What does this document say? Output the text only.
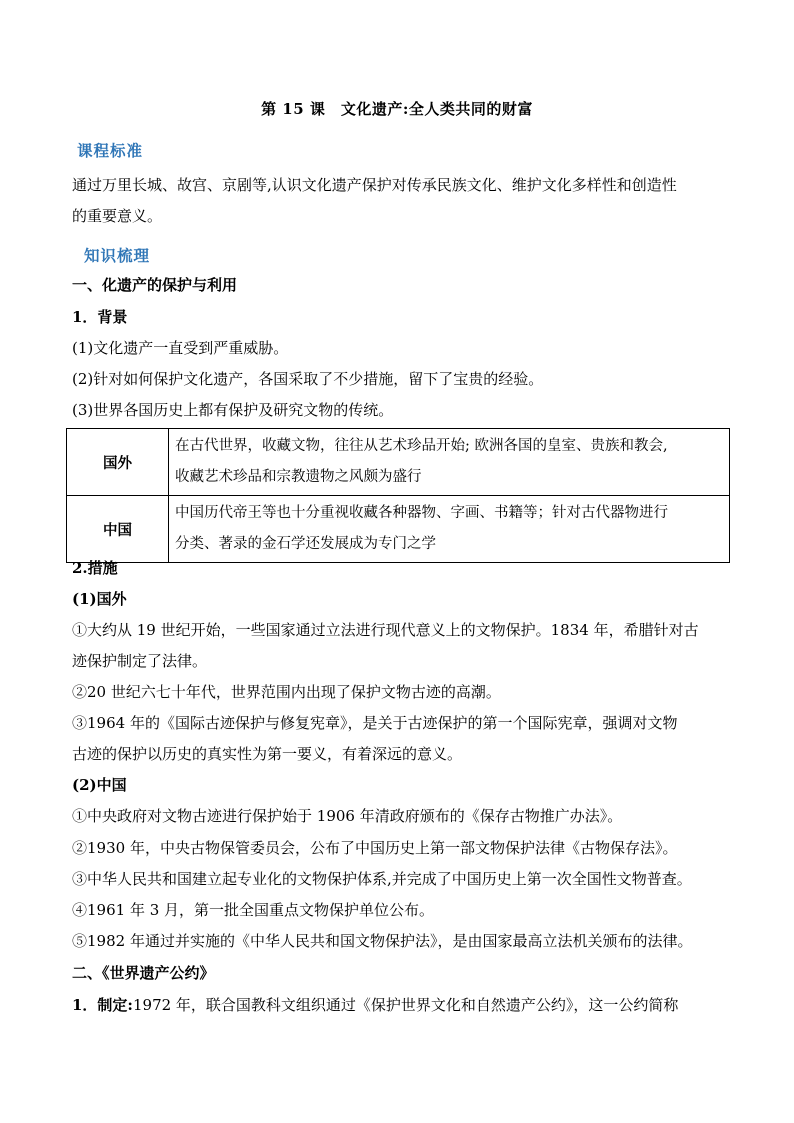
第 15 课　文化遗产:全人类共同的财富
课程标准
通过万里长城、故宫、京剧等,认识文化遗产保护对传承民族文化、维护文化多样性和创造性
的重要意义。
知识梳理
一、化遗产的保护与利用
1．背景
(1)文化遗产一直受到严重威胁。
(2)针对如何保护文化遗产，各国采取了不少措施，留下了宝贵的经验。
(3)世界各国历史上都有保护及研究文物的传统。
国外	在古代世界，收藏文物，往往从艺术珍品开始; 欧洲各国的皇室、贵族和教会,
收藏艺术珍品和宗教遗物之风颇为盛行

中国	中国历代帝王等也十分重视收藏各种器物、字画、书籍等；针对古代器物进行
分类、著录的金石学还发展成为专门之学
2.措施
(1)国外
①大约从 19 世纪开始，一些国家通过立法进行现代意义上的文物保护。1834 年，希腊针对古
迹保护制定了法律。
②20 世纪六七十年代，世界范围内出现了保护文物古迹的高潮。
③1964 年的《国际古迹保护与修复宪章》，是关于古迹保护的第一个国际宪章，强调对文物
古迹的保护以历史的真实性为第一要义，有着深远的意义。
(2)中国
①中央政府对文物古迹进行保护始于 1906 年清政府颁布的《保存古物推广办法》。
②1930 年，中央古物保管委员会，公布了中国历史上第一部文物保护法律《古物保存法》。
③中华人民共和国建立起专业化的文物保护体系,并完成了中国历史上第一次全国性文物普查。
④1961 年 3 月，第一批全国重点文物保护单位公布。
⑤1982 年通过并实施的《中华人民共和国文物保护法》，是由国家最高立法机关颁布的法律。
二、《世界遗产公约》
1．制定:1972 年，联合国教科文组织通过《保护世界文化和自然遗产公约》，这一公约简称
